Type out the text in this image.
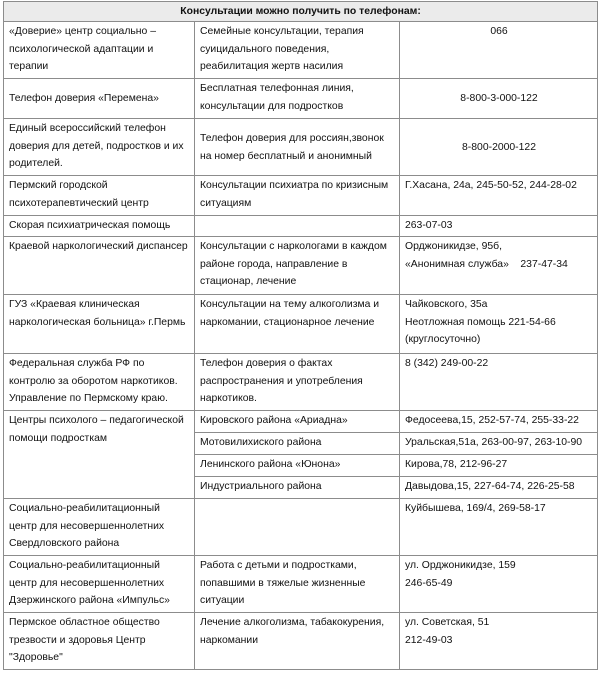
Консультации можно получить по телефонам:		

«Доверие» центр социально –
психологической адаптации и
терапии	Семейные консультации, терапия
суицидального поведения,
реабилитация жертв насилия	066

Телефон доверия «Перемена»	Бесплатная телефонная линия,
консультации для подростков	8-800-3-000-122

Единый всероссийский телефон
доверия для детей, подростков и их
родителей.	Телефон доверия для россиян,звонок
на номер бесплатный и анонимный	8-800-2000-122

Пермский городской
психотерапевтический центр	Консультации психиатра по кризисным
ситуациям	Г.Хасана, 24а, 245-50-52, 244-28-02

Скорая психиатрическая помощь		263-07-03

Краевой наркологический диспансер	Консультации с наркологами в каждом
районе города, направление в
стационар, лечение	Орджоникидзе, 95б,
«Анонимная служба»    237-47-34

ГУЗ «Краевая клиническая
наркологическая больница» г.Пермь	Консультации на тему алкоголизма и
наркомании, стационарное лечение	Чайковского, 35а
Неотложная помощь 221-54-66
(круглосуточно)

Федеральная служба РФ по
контролю за оборотом наркотиков.
Управление по Пермскому краю.	Телефон доверия о фактах
распространения и употребления
наркотиков.	8 (342) 249-00-22

Центры психолого – педагогической
помощи подросткам	Кировского района «Ариадна»	Федосеева,15, 252-57-74, 255-33-22

	Мотовилихиского района	Уральская,51а, 263-00-97, 263-10-90

	Ленинского района «Юнона»	Кирова,78, 212-96-27

	Индустриального района	Давыдова,15, 227-64-74, 226-25-58

Социально-реабилитационный
центр для несовершеннолетних
Свердловского района		Куйбышева, 169/4, 269-58-17

Социально-реабилитационный
центр для несовершеннолетних
Дзержинского района «Импульс»	Работа с детьми и подростками,
попавшими в тяжелые жизненные
ситуации	ул. Орджоникидзе, 159
246-65-49

Пермское областное общество
трезвости и здоровья Центр
"Здоровье"	Лечение алкоголизма, табакокурения,
наркомании	ул. Советская, 51
212-49-03
